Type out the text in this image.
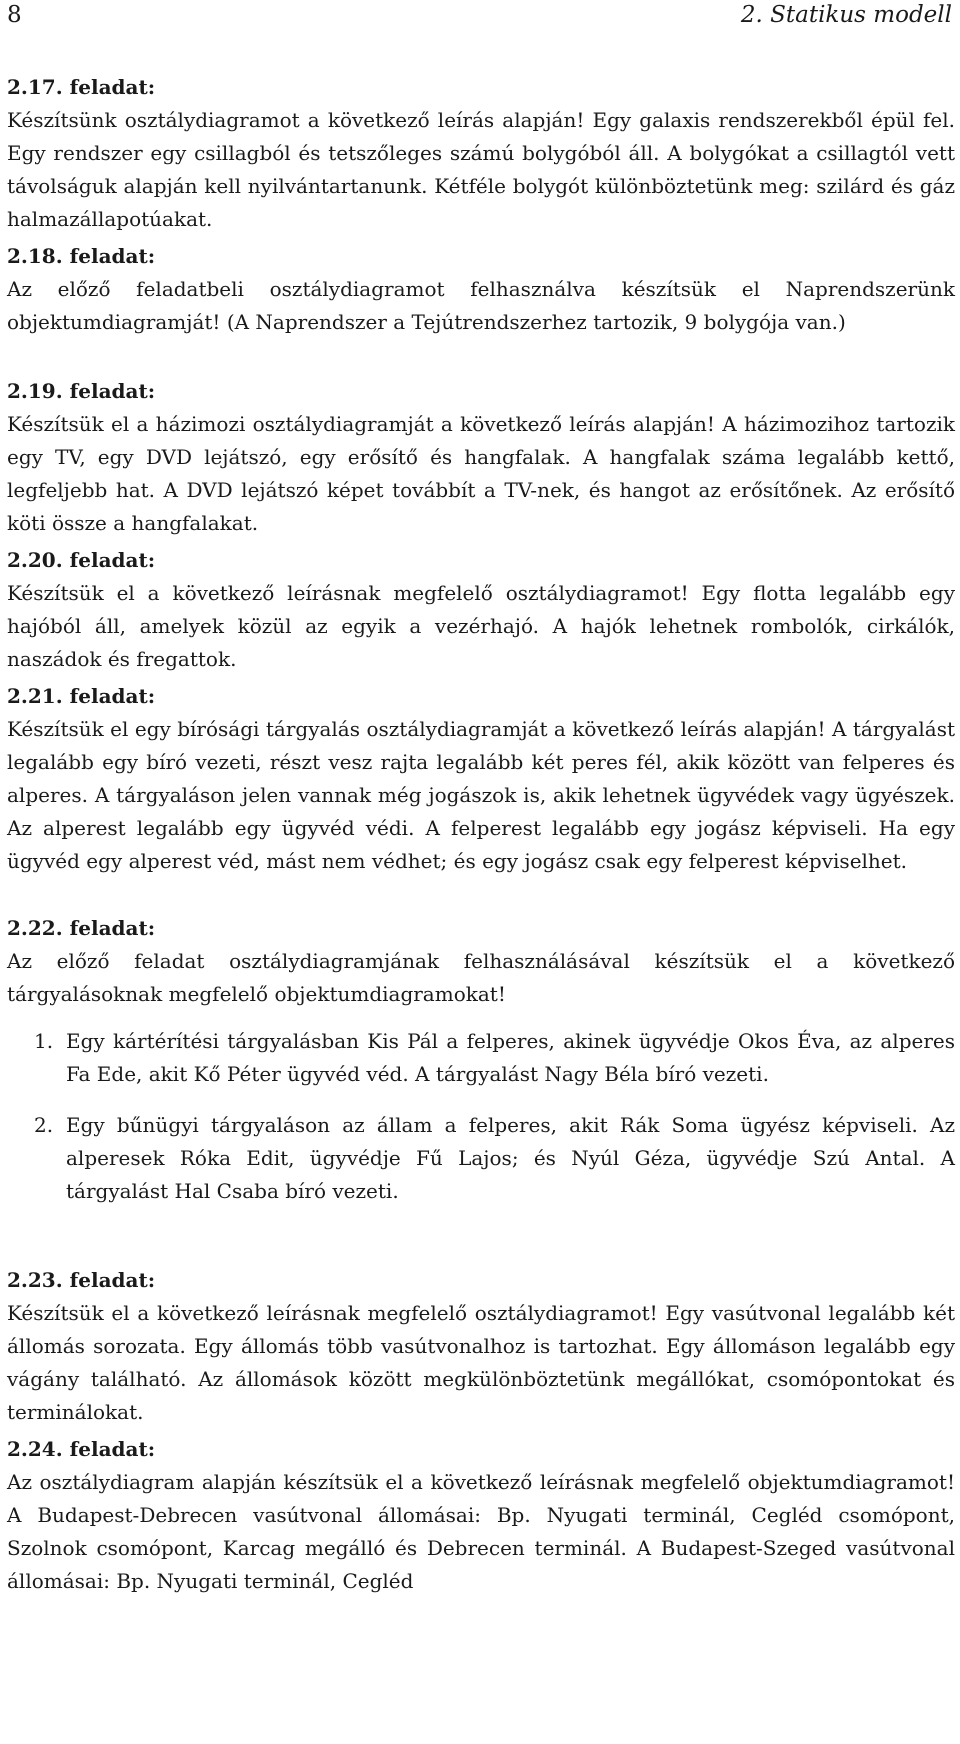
8	2. Statikus modell
2.17. feladat:

Készítsünk osztálydiagramot a következő leírás alapján! Egy galaxis rendszerekből épül fel. Egy rendszer egy csillagból és tetszőleges számú bolygóból áll. A bolygókat a csillagtól vett távolságuk alapján kell nyilvántartanunk. Kétféle bolygót különböztetünk meg: szilárd és gáz halmazállapotúakat.

2.18. feladat:

Az előző feladatbeli osztálydiagramot felhasználva készítsük el Naprendszerünk objektumdiagramját! (A Naprendszer a Tejútrendszerhez tartozik, 9 bolygója van.)

2.19. feladat:

Készítsük el a házimozi osztálydiagramját a következő leírás alapján! A házimozihoz tartozik egy TV, egy DVD lejátszó, egy erősítő és hangfalak. A hangfalak száma legalább kettő, legfeljebb hat. A DVD lejátszó képet továbbít a TV-nek, és hangot az erősítőnek. Az erősítő köti össze a hangfalakat.

2.20. feladat:

Készítsük el a következő leírásnak megfelelő osztálydiagramot! Egy flotta legalább egy hajóból áll, amelyek közül az egyik a vezérhajó. A hajók lehetnek rombolók, cirkálók, naszádok és fregattok.

2.21. feladat:

Készítsük el egy bírósági tárgyalás osztálydiagramját a következő leírás alapján! A tárgyalást legalább egy bíró vezeti, részt vesz rajta legalább két peres fél, akik között van felperes és alperes. A tárgyaláson jelen vannak még jogászok is, akik lehetnek ügyvédek vagy ügyészek. Az alperest legalább egy ügyvéd védi. A felperest legalább egy jogász képviseli. Ha egy ügyvéd egy alperest véd, mást nem védhet; és egy jogász csak egy felperest képviselhet.

2.22. feladat:

Az előző feladat osztálydiagramjának felhasználásával készítsük el a következő tárgyalásoknak megfelelő objektumdiagramokat!

1. Egy kártérítési tárgyalásban Kis Pál a felperes, akinek ügyvédje Okos Éva, az alperes Fa Ede, akit Kő Péter ügyvéd véd. A tárgyalást Nagy Béla bíró vezeti.
2. Egy bűnügyi tárgyaláson az állam a felperes, akit Rák Soma ügyész képviseli. Az alperesek Róka Edit, ügyvédje Fű Lajos; és Nyúl Géza, ügyvédje Szú Antal. A tárgyalást Hal Csaba bíró vezeti.
2.23. feladat:

Készítsük el a következő leírásnak megfelelő osztálydiagramot! Egy vasútvonal legalább két állomás sorozata. Egy állomás több vasútvonalhoz is tartozhat. Egy állomáson legalább egy vágány található. Az állomások között megkülönböztetünk megállókat, csomópontokat és terminálokat.

2.24. feladat:

Az osztálydiagram alapján készítsük el a következő leírásnak megfelelő objektumdiagramot! A Budapest-Debrecen vasútvonal állomásai: Bp. Nyugati terminál, Cegléd csomópont, Szolnok csomópont, Karcag megálló és Debrecen terminál. A Budapest-Szeged vasútvonal állomásai: Bp. Nyugati terminál, Cegléd
